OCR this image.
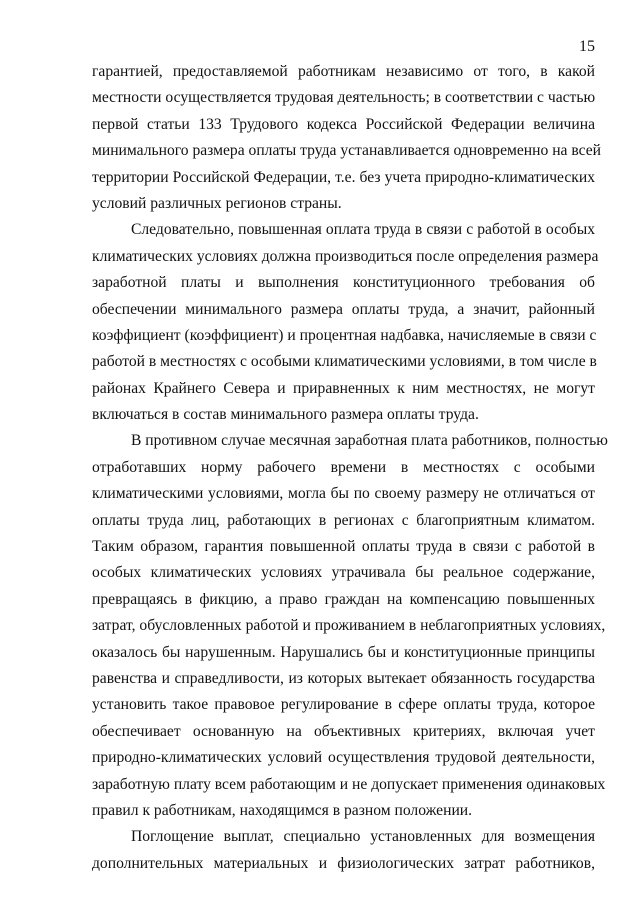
15
гарантией, предоставляемой работникам независимо от того, в какой
местности осуществляется трудовая деятельность; в соответствии с частью
первой статьи 133 Трудового кодекса Российской Федерации величина
минимального размера оплаты труда устанавливается одновременно на всей
территории Российской Федерации, т.е. без учета природно-климатических
условий различных регионов страны.
Следовательно, повышенная оплата труда в связи с работой в особых
климатических условиях должна производиться после определения размера
заработной платы и выполнения конституционного требования об
обеспечении минимального размера оплаты труда, а значит, районный
коэффициент (коэффициент) и процентная надбавка, начисляемые в связи с
работой в местностях с особыми климатическими условиями, в том числе в
районах Крайнего Севера и приравненных к ним местностях, не могут
включаться в состав минимального размера оплаты труда.
В противном случае месячная заработная плата работников, полностью
отработавших норму рабочего времени в местностях с особыми
климатическими условиями, могла бы по своему размеру не отличаться от
оплаты труда лиц, работающих в регионах с благоприятным климатом.
Таким образом, гарантия повышенной оплаты труда в связи с работой в
особых климатических условиях утрачивала бы реальное содержание,
превращаясь в фикцию, а право граждан на компенсацию повышенных
затрат, обусловленных работой и проживанием в неблагоприятных условиях,
оказалось бы нарушенным. Нарушались бы и конституционные принципы
равенства и справедливости, из которых вытекает обязанность государства
установить такое правовое регулирование в сфере оплаты труда, которое
обеспечивает основанную на объективных критериях, включая учет
природно-климатических условий осуществления трудовой деятельности,
заработную плату всем работающим и не допускает применения одинаковых
правил к работникам, находящимся в разном положении.
Поглощение выплат, специально установленных для возмещения
дополнительных материальных и физиологических затрат работников,
